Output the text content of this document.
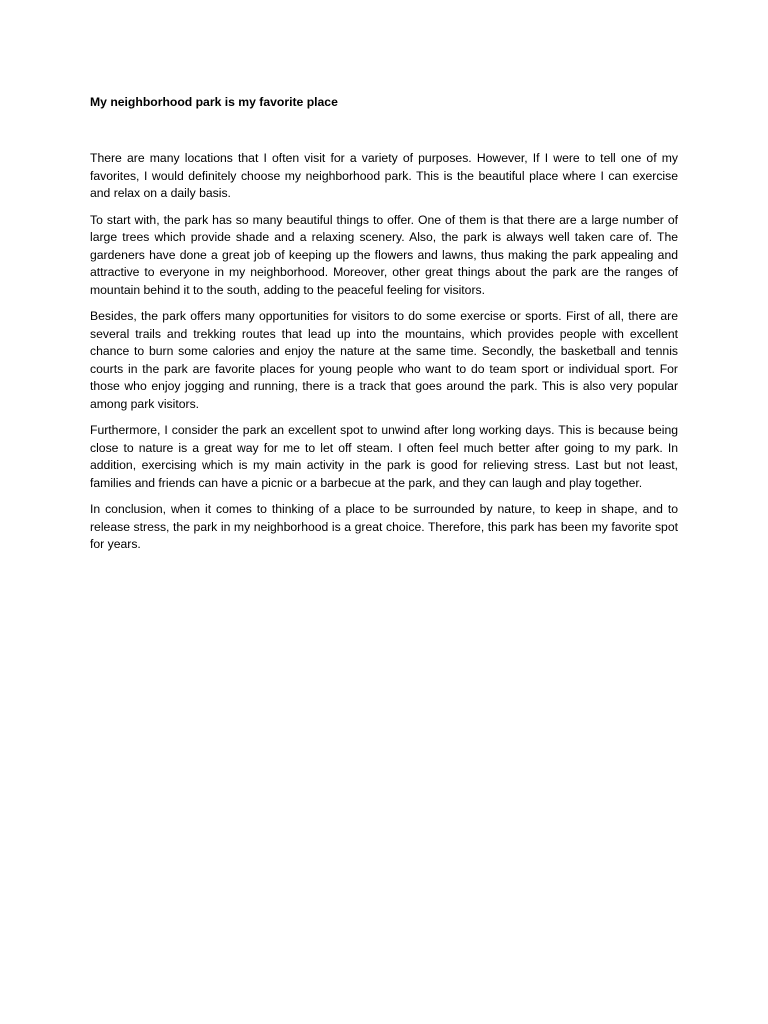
My neighborhood park is my favorite place

There are many locations that I often visit for a variety of purposes. However, If I were to tell one of my favorites, I would definitely choose my neighborhood park. This is the beautiful place where I can exercise and relax on a daily basis.

To start with, the park has so many beautiful things to offer. One of them is that there are a large number of large trees which provide shade and a relaxing scenery. Also, the park is always well taken care of. The gardeners have done a great job of keeping up the flowers and lawns, thus making the park appealing and attractive to everyone in my neighborhood. Moreover, other great things about the park are the ranges of mountain behind it to the south, adding to the peaceful feeling for visitors.

Besides, the park offers many opportunities for visitors to do some exercise or sports. First of all, there are several trails and trekking routes that lead up into the mountains, which provides people with excellent chance to burn some calories and enjoy the nature at the same time. Secondly, the basketball and tennis courts in the park are favorite places for young people who want to do team sport or individual sport. For those who enjoy jogging and running, there is a track that goes around the park. This is also very popular among park visitors.

Furthermore, I consider the park an excellent spot to unwind after long working days. This is because being close to nature is a great way for me to let off steam. I often feel much better after going to my park. In addition, exercising which is my main activity in the park is good for relieving stress. Last but not least, families and friends can have a picnic or a barbecue at the park, and they can laugh and play together.

In conclusion, when it comes to thinking of a place to be surrounded by nature, to keep in shape, and to release stress, the park in my neighborhood is a great choice. Therefore, this park has been my favorite spot for years.
